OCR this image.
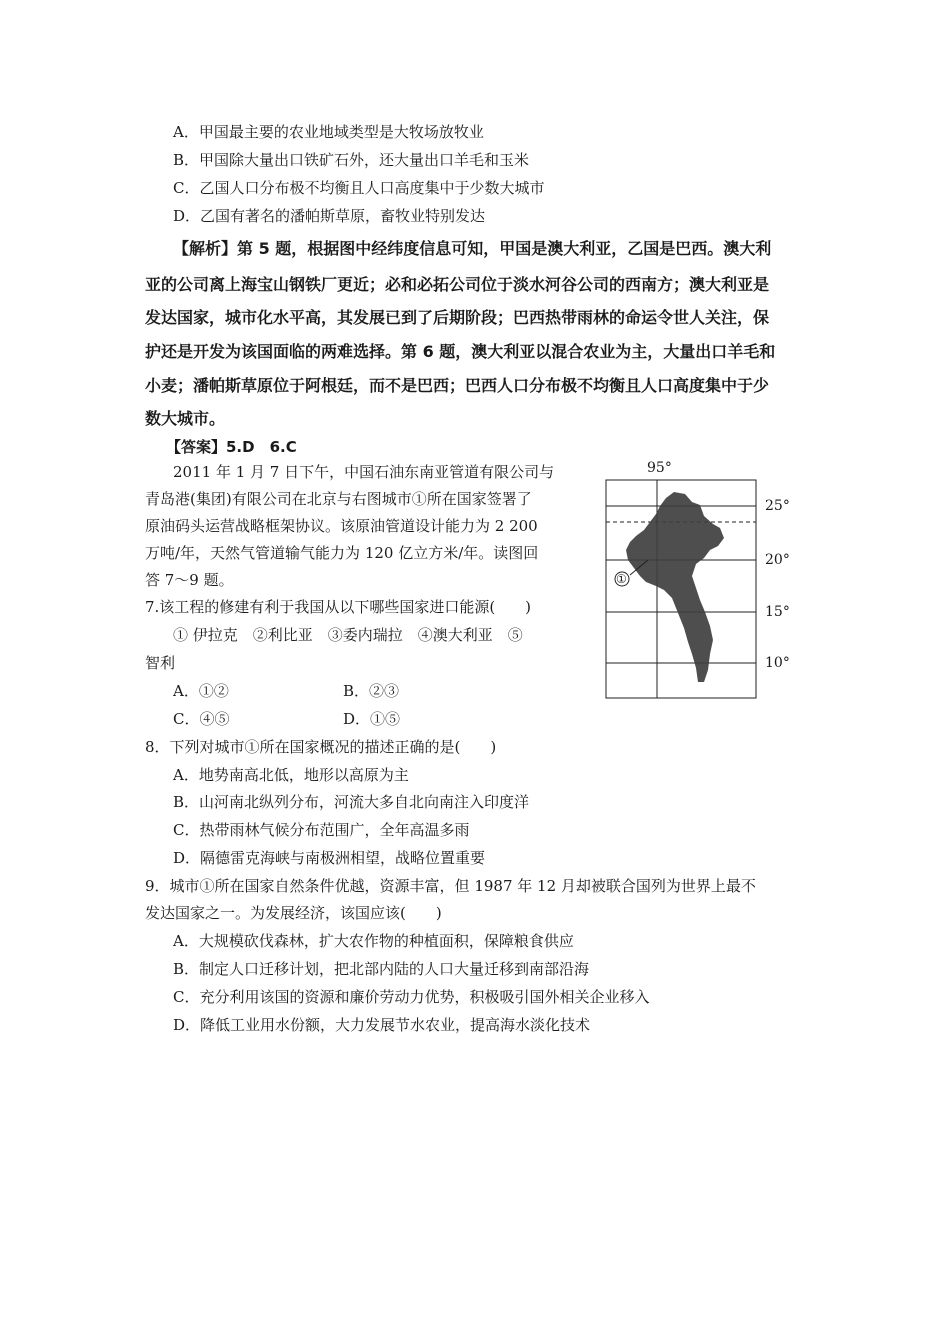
A．甲国最主要的农业地域类型是大牧场放牧业
B．甲国除大量出口铁矿石外，还大量出口羊毛和玉米
C．乙国人口分布极不均衡且人口高度集中于少数大城市
D．乙国有著名的潘帕斯草原，畜牧业特别发达
【解析】第 5 题，根据图中经纬度信息可知，甲国是澳大利亚，乙国是巴西。澳大利
亚的公司离上海宝山钢铁厂更近；必和必拓公司位于淡水河谷公司的西南方；澳大利亚是
发达国家，城市化水平高，其发展已到了后期阶段；巴西热带雨林的命运令世人关注，保
护还是开发为该国面临的两难选择。第 6 题，澳大利亚以混合农业为主，大量出口羊毛和
小麦；潘帕斯草原位于阿根廷，而不是巴西；巴西人口分布极不均衡且人口高度集中于少
数大城市。
【答案】5.D　6.C
2011 年 1 月 7 日下午，中国石油东南亚管道有限公司与
青岛港(集团)有限公司在北京与右图城市①所在国家签署了
原油码头运营战略框架协议。该原油管道设计能力为 2 200
万吨/年，天然气管道输气能力为 120 亿立方米/年。读图回
答 7～9 题。
7.该工程的修建有利于我国从以下哪些国家进口能源(　　)
① 伊拉克　②利比亚　③委内瑞拉　④澳大利亚　⑤
智利
A．①②	B．②③
C．④⑤	D．①⑤
8．下列对城市①所在国家概况的描述正确的是(　　)
A．地势南高北低，地形以高原为主
B．山河南北纵列分布，河流大多自北向南注入印度洋
C．热带雨林气候分布范围广，全年高温多雨
D．隔德雷克海峡与南极洲相望，战略位置重要
9．城市①所在国家自然条件优越，资源丰富，但 1987 年 12 月却被联合国列为世界上最不
发达国家之一。为发展经济，该国应该(　　)
A．大规模砍伐森林，扩大农作物的种植面积，保障粮食供应
B．制定人口迁移计划，把北部内陆的人口大量迁移到南部沿海
C．充分利用该国的资源和廉价劳动力优势，积极吸引国外相关企业移入
D．降低工业用水份额，大力发展节水农业，提高海水淡化技术
95°
25°
20°
15°
10°
①
